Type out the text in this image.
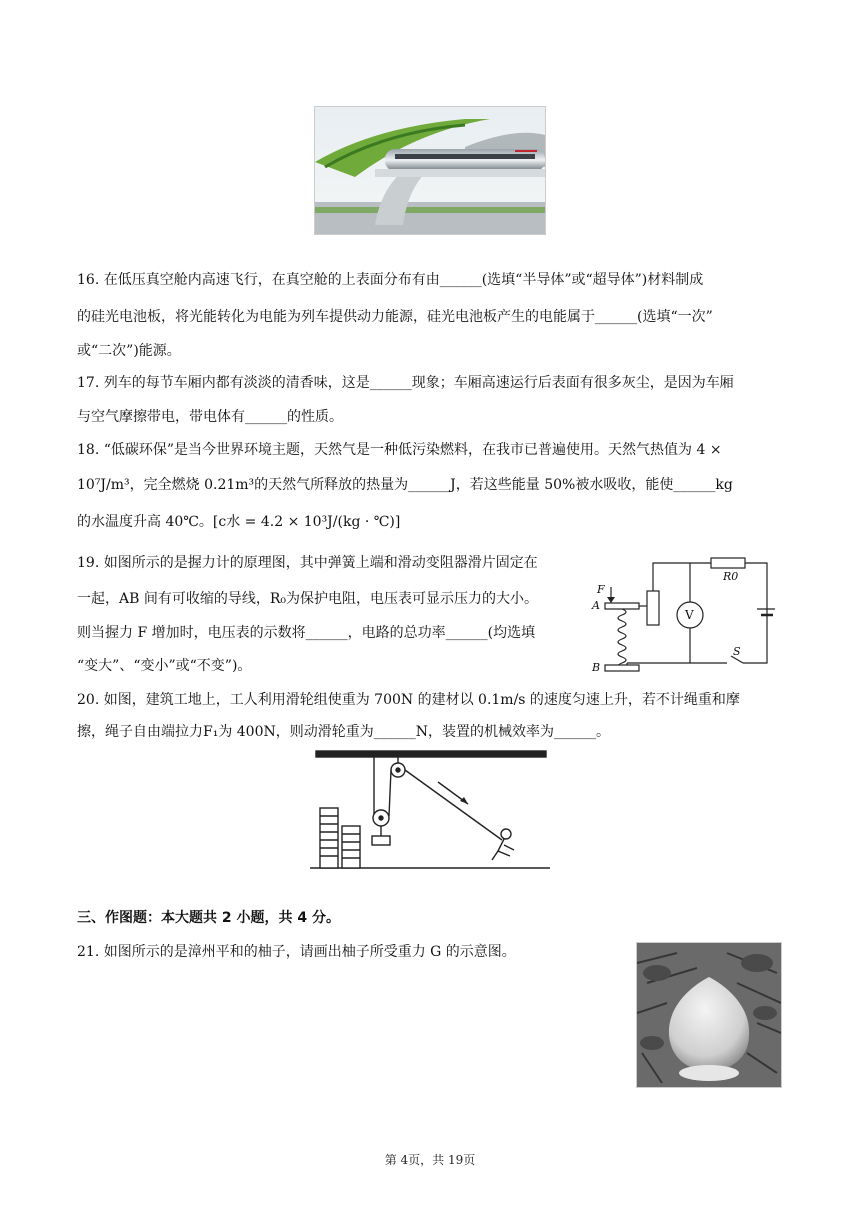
16. 在低压真空舱内高速飞行，在真空舱的上表面分布有由______(选填“半导体”或“超导体”)材料制成
的硅光电池板，将光能转化为电能为列车提供动力能源，硅光电池板产生的电能属于______(选填“一次”
或“二次”)能源。
17. 列车的每节车厢内都有淡淡的清香味，这是______现象；车厢高速运行后表面有很多灰尘，是因为车厢
与空气摩擦带电，带电体有______的性质。
18. “低碳环保”是当今世界环境主题，天然气是一种低污染燃料，在我市已普遍使用。天然气热值为 4 ×
10⁷J/m³，完全燃烧 0.21m³的天然气所释放的热量为______J，若这些能量 50%被水吸收，能使______kg
的水温度升高 40℃。[c水 = 4.2 × 10³J/(kg · ℃)]
19. 如图所示的是握力计的原理图，其中弹簧上端和滑动变阻器滑片固定在
一起，AB 间有可收缩的导线，R₀为保护电阻，电压表可显示压力的大小。
则当握力 F 增加时，电压表的示数将______，电路的总功率______(均选填
“变大”、“变小”或“不变”)。
F
A
B
R0
V
S
20. 如图，建筑工地上，工人利用滑轮组使重为 700N 的建材以 0.1m/s 的速度匀速上升，若不计绳重和摩
擦，绳子自由端拉力F₁为 400N，则动滑轮重为______N，装置的机械效率为______。
三、作图题：本大题共 2 小题，共 4 分。
21. 如图所示的是漳州平和的柚子，请画出柚子所受重力 G 的示意图。
第 4页，共 19页
